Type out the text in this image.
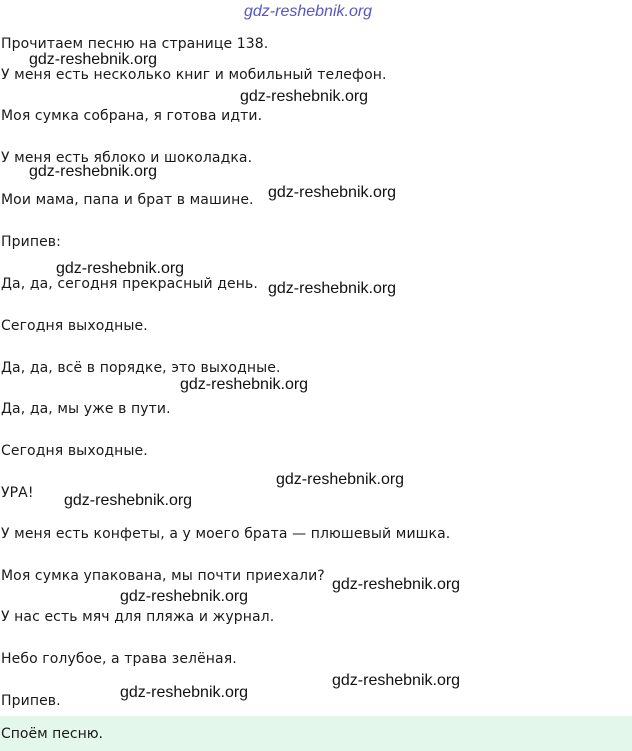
gdz-reshebnik.org
Прочитаем песню на странице 138.
У меня есть несколько книг и мобильный телефон.
Моя сумка собрана, я готова идти.
У меня есть яблоко и шоколадка.
Мои мама, папа и брат в машине.
Припев:
Да, да, сегодня прекрасный день.
Сегодня выходные.
Да, да, всё в порядке, это выходные.
Да, да, мы уже в пути.
Сегодня выходные.
УРА!
У меня есть конфеты, а у моего брата — плюшевый мишка.
Моя сумка упакована, мы почти приехали?
У нас есть мяч для пляжа и журнал.
Небо голубое, а трава зелёная.
Припев.
gdz-reshebnik.org
gdz-reshebnik.org
gdz-reshebnik.org
gdz-reshebnik.org
gdz-reshebnik.org
gdz-reshebnik.org
gdz-reshebnik.org
gdz-reshebnik.org
gdz-reshebnik.org
gdz-reshebnik.org
gdz-reshebnik.org
gdz-reshebnik.org
gdz-reshebnik.org
Споём песню.
